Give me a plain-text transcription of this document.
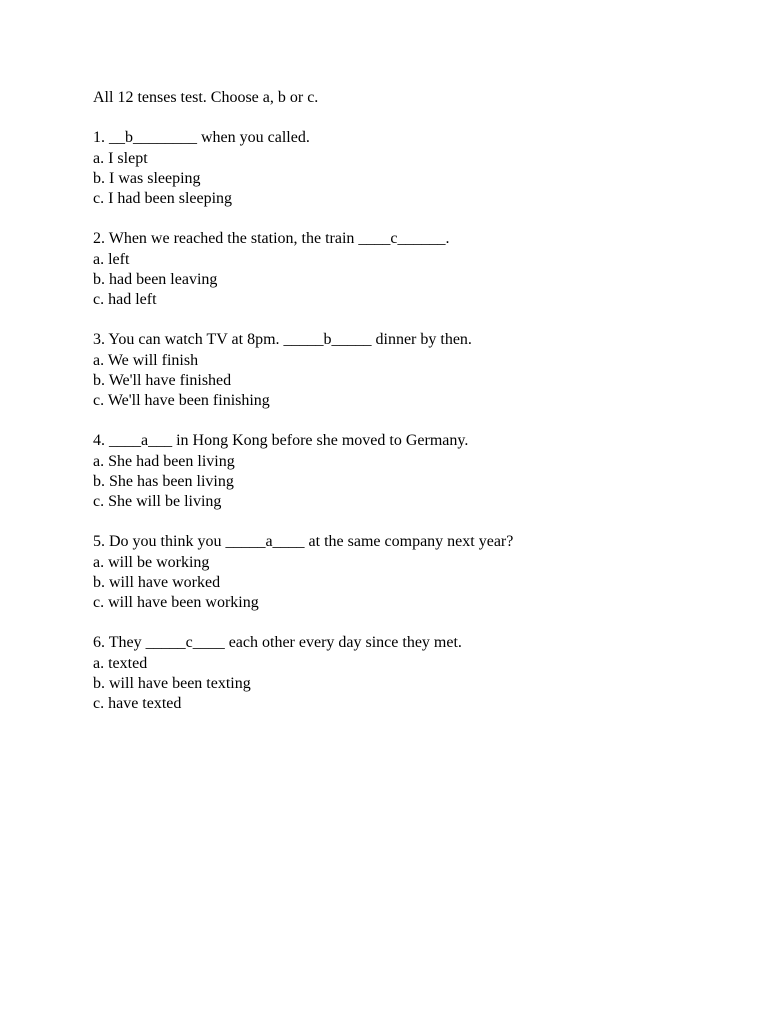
All 12 tenses test. Choose a, b or c.
1. __b________ when you called.
a. I slept
b. I was sleeping
c. I had been sleeping
2. When we reached the station, the train ____c______.
a. left
b. had been leaving
c. had left
3. You can watch TV at 8pm. _____b_____ dinner by then.
a. We will finish
b. We'll have finished
c. We'll have been finishing
4. ____a___ in Hong Kong before she moved to Germany.
a. She had been living
b. She has been living
c. She will be living
5. Do you think you _____a____ at the same company next year?
a. will be working
b. will have worked
c. will have been working
6. They _____c____ each other every day since they met.
a. texted
b. will have been texting
c. have texted
